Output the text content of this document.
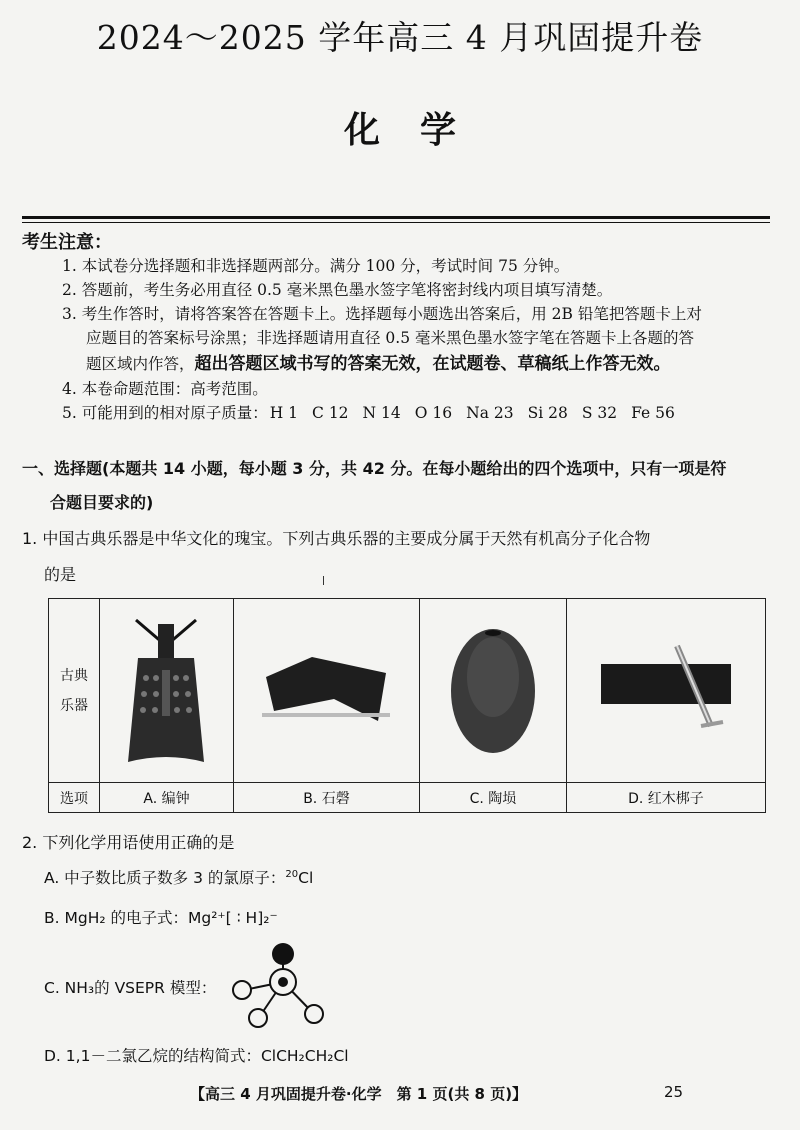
2024～2025 学年高三 4 月巩固提升卷
化学
考生注意：
1. 本试卷分选择题和非选择题两部分。满分 100 分，考试时间 75 分钟。
2. 答题前，考生务必用直径 0.5 毫米黑色墨水签字笔将密封线内项目填写清楚。
3. 考生作答时，请将答案答在答题卡上。选择题每小题选出答案后，用 2B 铅笔把答题卡上对
应题目的答案标号涂黑；非选择题请用直径 0.5 毫米黑色墨水签字笔在答题卡上各题的答
题区域内作答，超出答题区域书写的答案无效，在试题卷、草稿纸上作答无效。
4. 本卷命题范围：高考范围。
5. 可能用到的相对原子质量： H 1 C 12 N 14 O 16 Na 23 Si 28 S 32 Fe 56
一、选择题(本题共 14 小题，每小题 3 分，共 42 分。在每小题给出的四个选项中，只有一项是符
合题目要求的)
1. 中国古典乐器是中华文化的瑰宝。下列古典乐器的主要成分属于天然有机高分子化合物
的是
古典
乐器

选项	A. 编钟	B. 石磬	C. 陶埙	D. 红木梆子
2. 下列化学用语使用正确的是
A. 中子数比质子数多 3 的氯原子：$^{20}$Cl
B. MgH₂ 的电子式：Mg²⁺[ ∶ H]₂⁻
C. NH₃的 VSEPR 模型：
D. 1,1－二氯乙烷的结构简式：ClCH₂CH₂Cl
【高三 4 月巩固提升卷·化学　第 1 页(共 8 页)】	25
